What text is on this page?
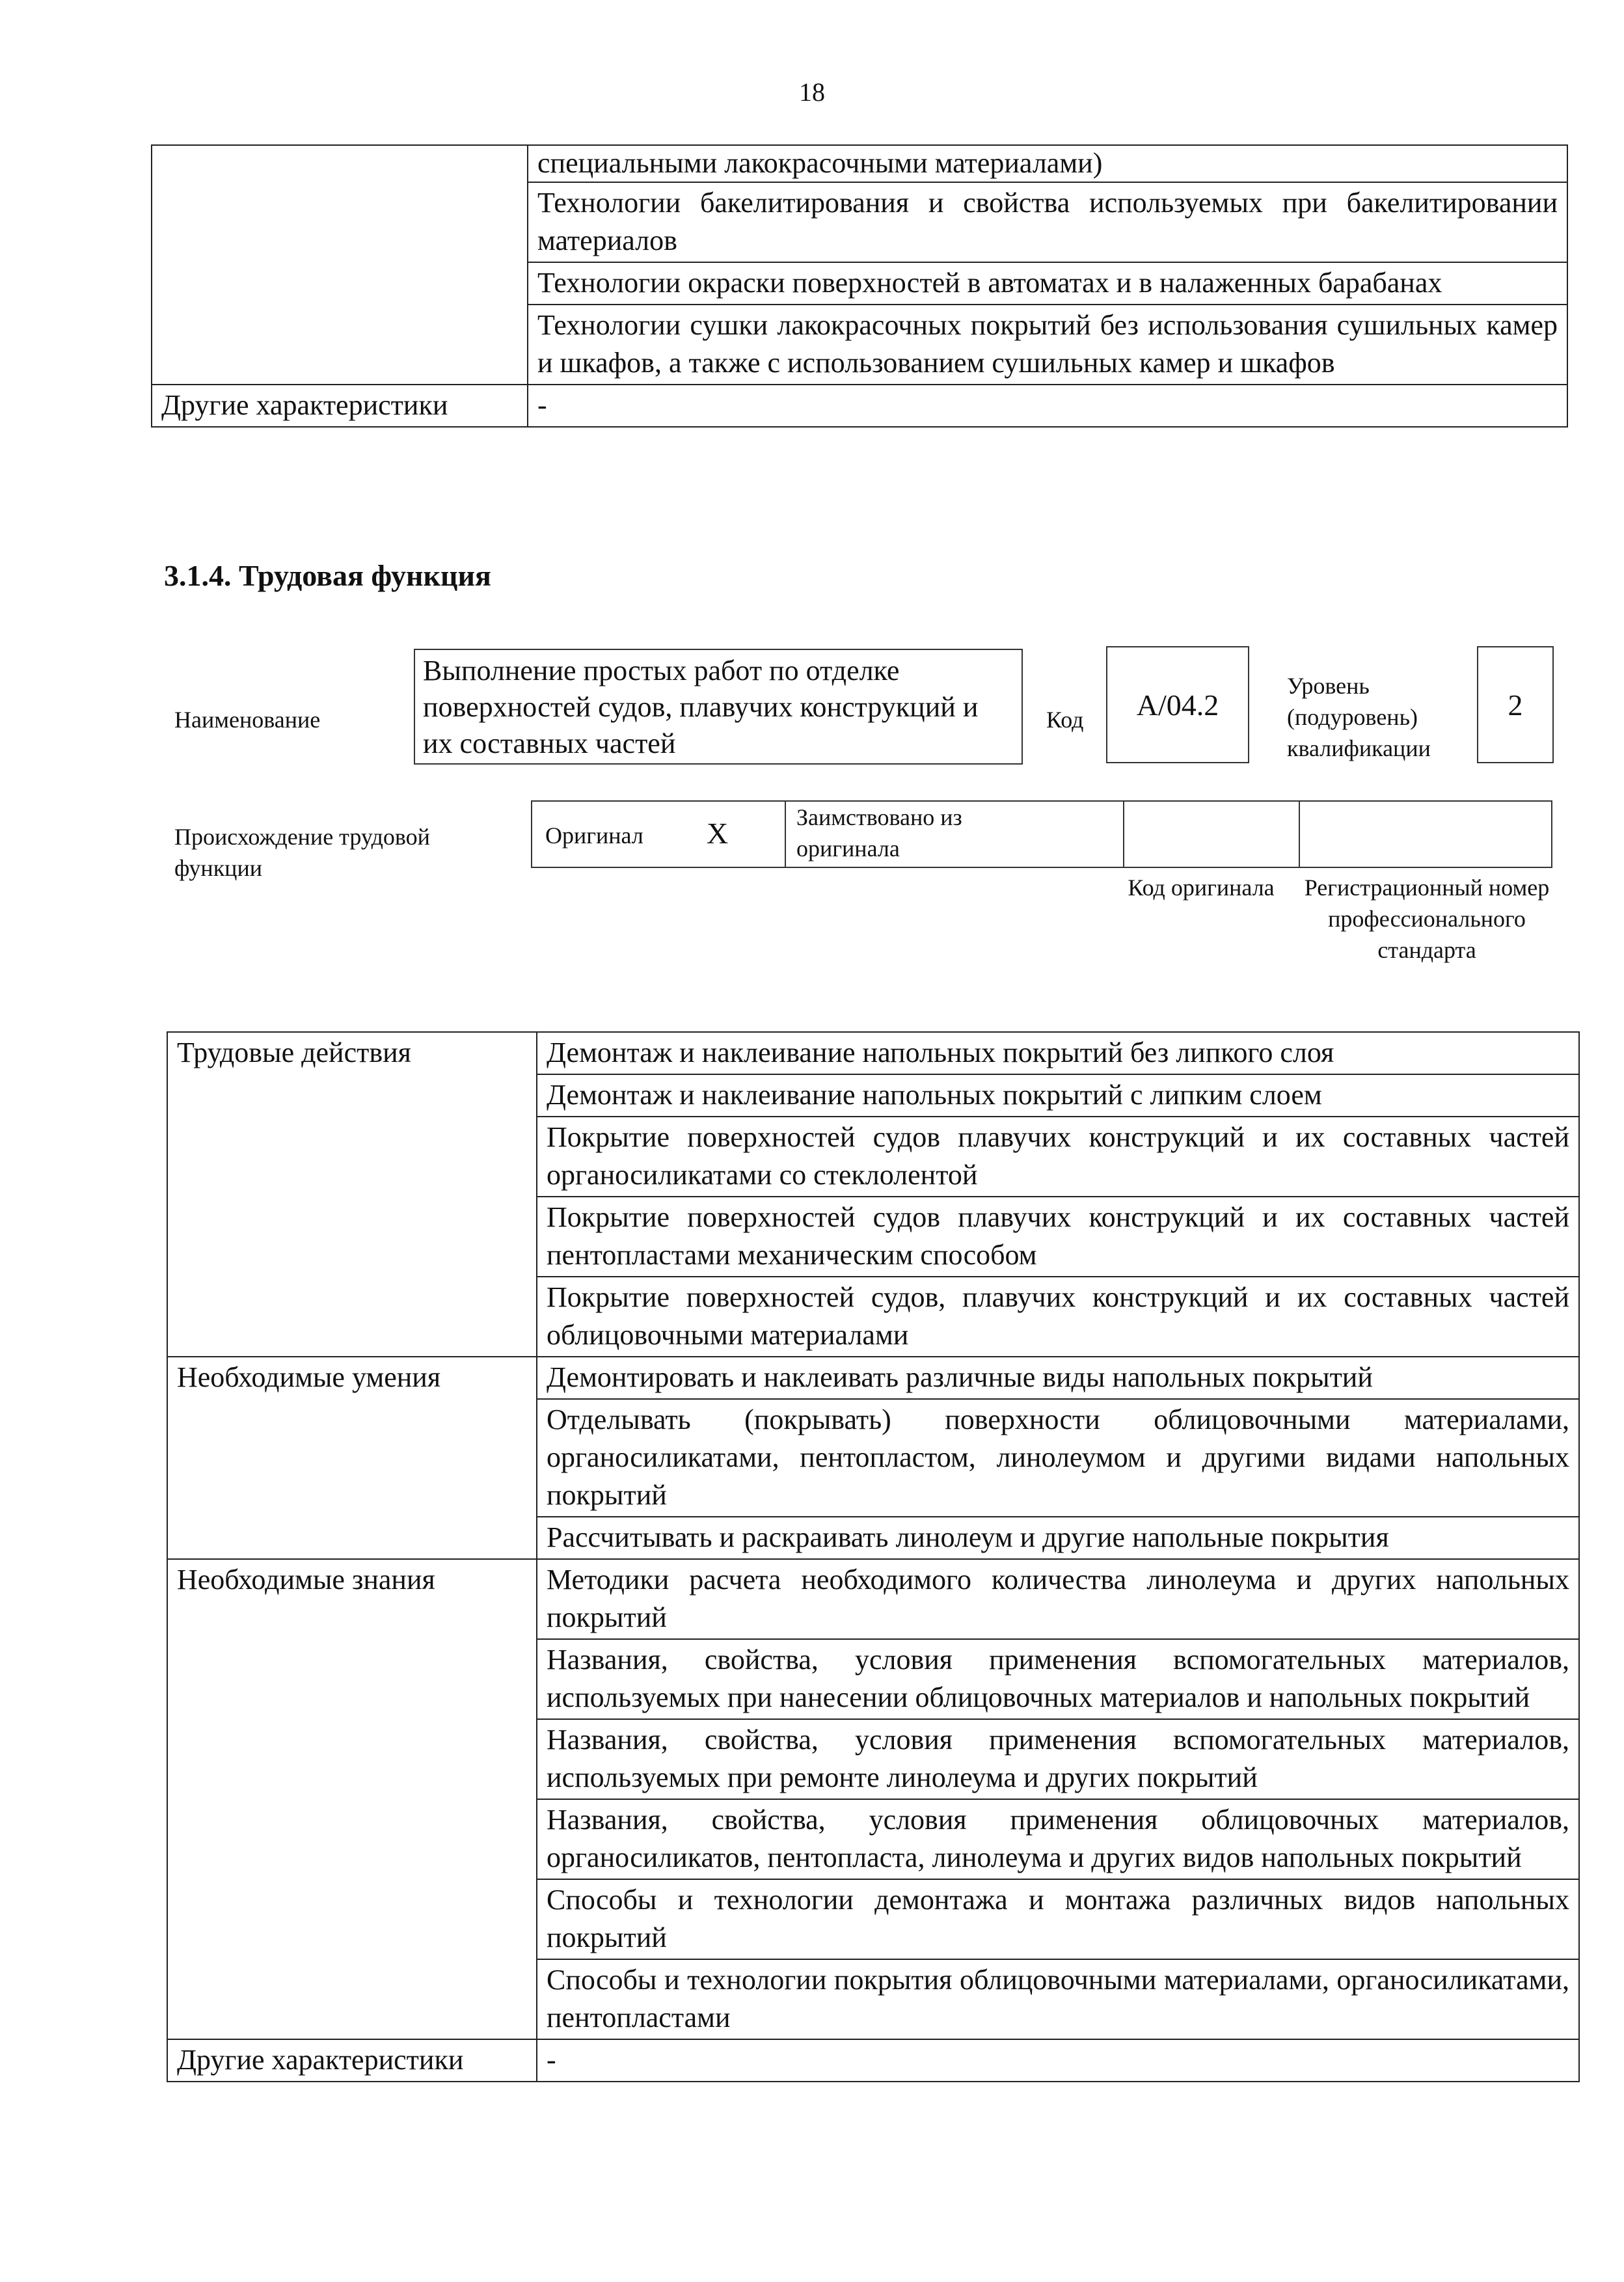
18
	специальными лакокрасочными материалами)
	Технологии бакелитирования и свойства используемых при бакелитировании материалов
	Технологии окраски поверхностей в автоматах и в налаженных барабанах
	Технологии сушки лакокрасочных покрытий без использования сушильных камер и шкафов, а также с использованием сушильных камер и шкафов
Другие характеристики	-
3.1.4. Трудовая функция
Наименование
Выполнение простых работ по отделке поверхностей судов, плавучих конструкций и их составных частей
Код	A/04.2
Уровень (подуровень) квалификации
2
Происхождение трудовой функции
Оригинал X	Заимствовано из оригинала
Код оригинала	Регистрационный номер профессионального стандарта
Трудовые действия	Демонтаж и наклеивание напольных покрытий без липкого слоя
	Демонтаж и наклеивание напольных покрытий с липким слоем
	Покрытие поверхностей судов плавучих конструкций и их составных частей органосиликатами со стеклолентой
	Покрытие поверхностей судов плавучих конструкций и их составных частей пентопластами механическим способом
	Покрытие поверхностей судов, плавучих конструкций и их составных частей облицовочными материалами
Необходимые умения	Демонтировать и наклеивать различные виды напольных покрытий
	Отделывать (покрывать) поверхности облицовочными материалами, органосиликатами, пентопластом, линолеумом и другими видами напольных покрытий
	Рассчитывать и раскраивать линолеум и другие напольные покрытия
Необходимые знания	Методики расчета необходимого количества линолеума и других напольных покрытий
	Названия, свойства, условия применения вспомогательных материалов, используемых при нанесении облицовочных материалов и напольных покрытий
	Названия, свойства, условия применения вспомогательных материалов, используемых при ремонте линолеума и других покрытий
	Названия, свойства, условия применения облицовочных материалов, органосиликатов, пентопласта, линолеума и других видов напольных покрытий
	Способы и технологии демонтажа и монтажа различных видов напольных покрытий
	Способы и технологии покрытия облицовочными материалами, органосиликатами, пентопластами
Другие характеристики	-
